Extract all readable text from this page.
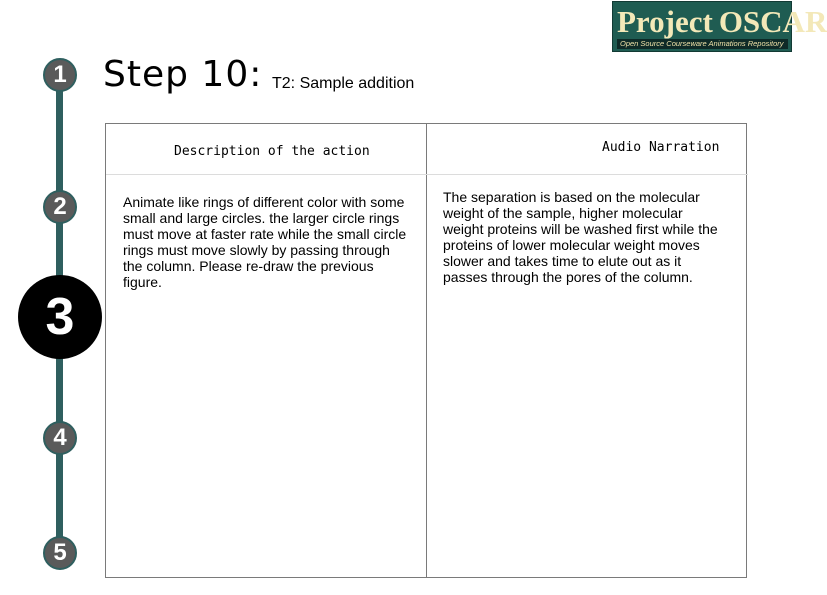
1
2
3
4
5
Step 10: T2: Sample addition
Project OSCAR
Open Source Courseware Animations Repository
Description of the action	Audio Narration
Animate like rings of different color with some small and large circles. the larger circle rings must move at faster rate while the small circle rings must move slowly by passing through the column. Please re-draw the previous figure.
The separation is based on the molecular weight of the sample, higher molecular weight proteins will be washed first while the proteins of lower molecular weight moves slower and takes time to elute out as it passes through the pores of the column.
